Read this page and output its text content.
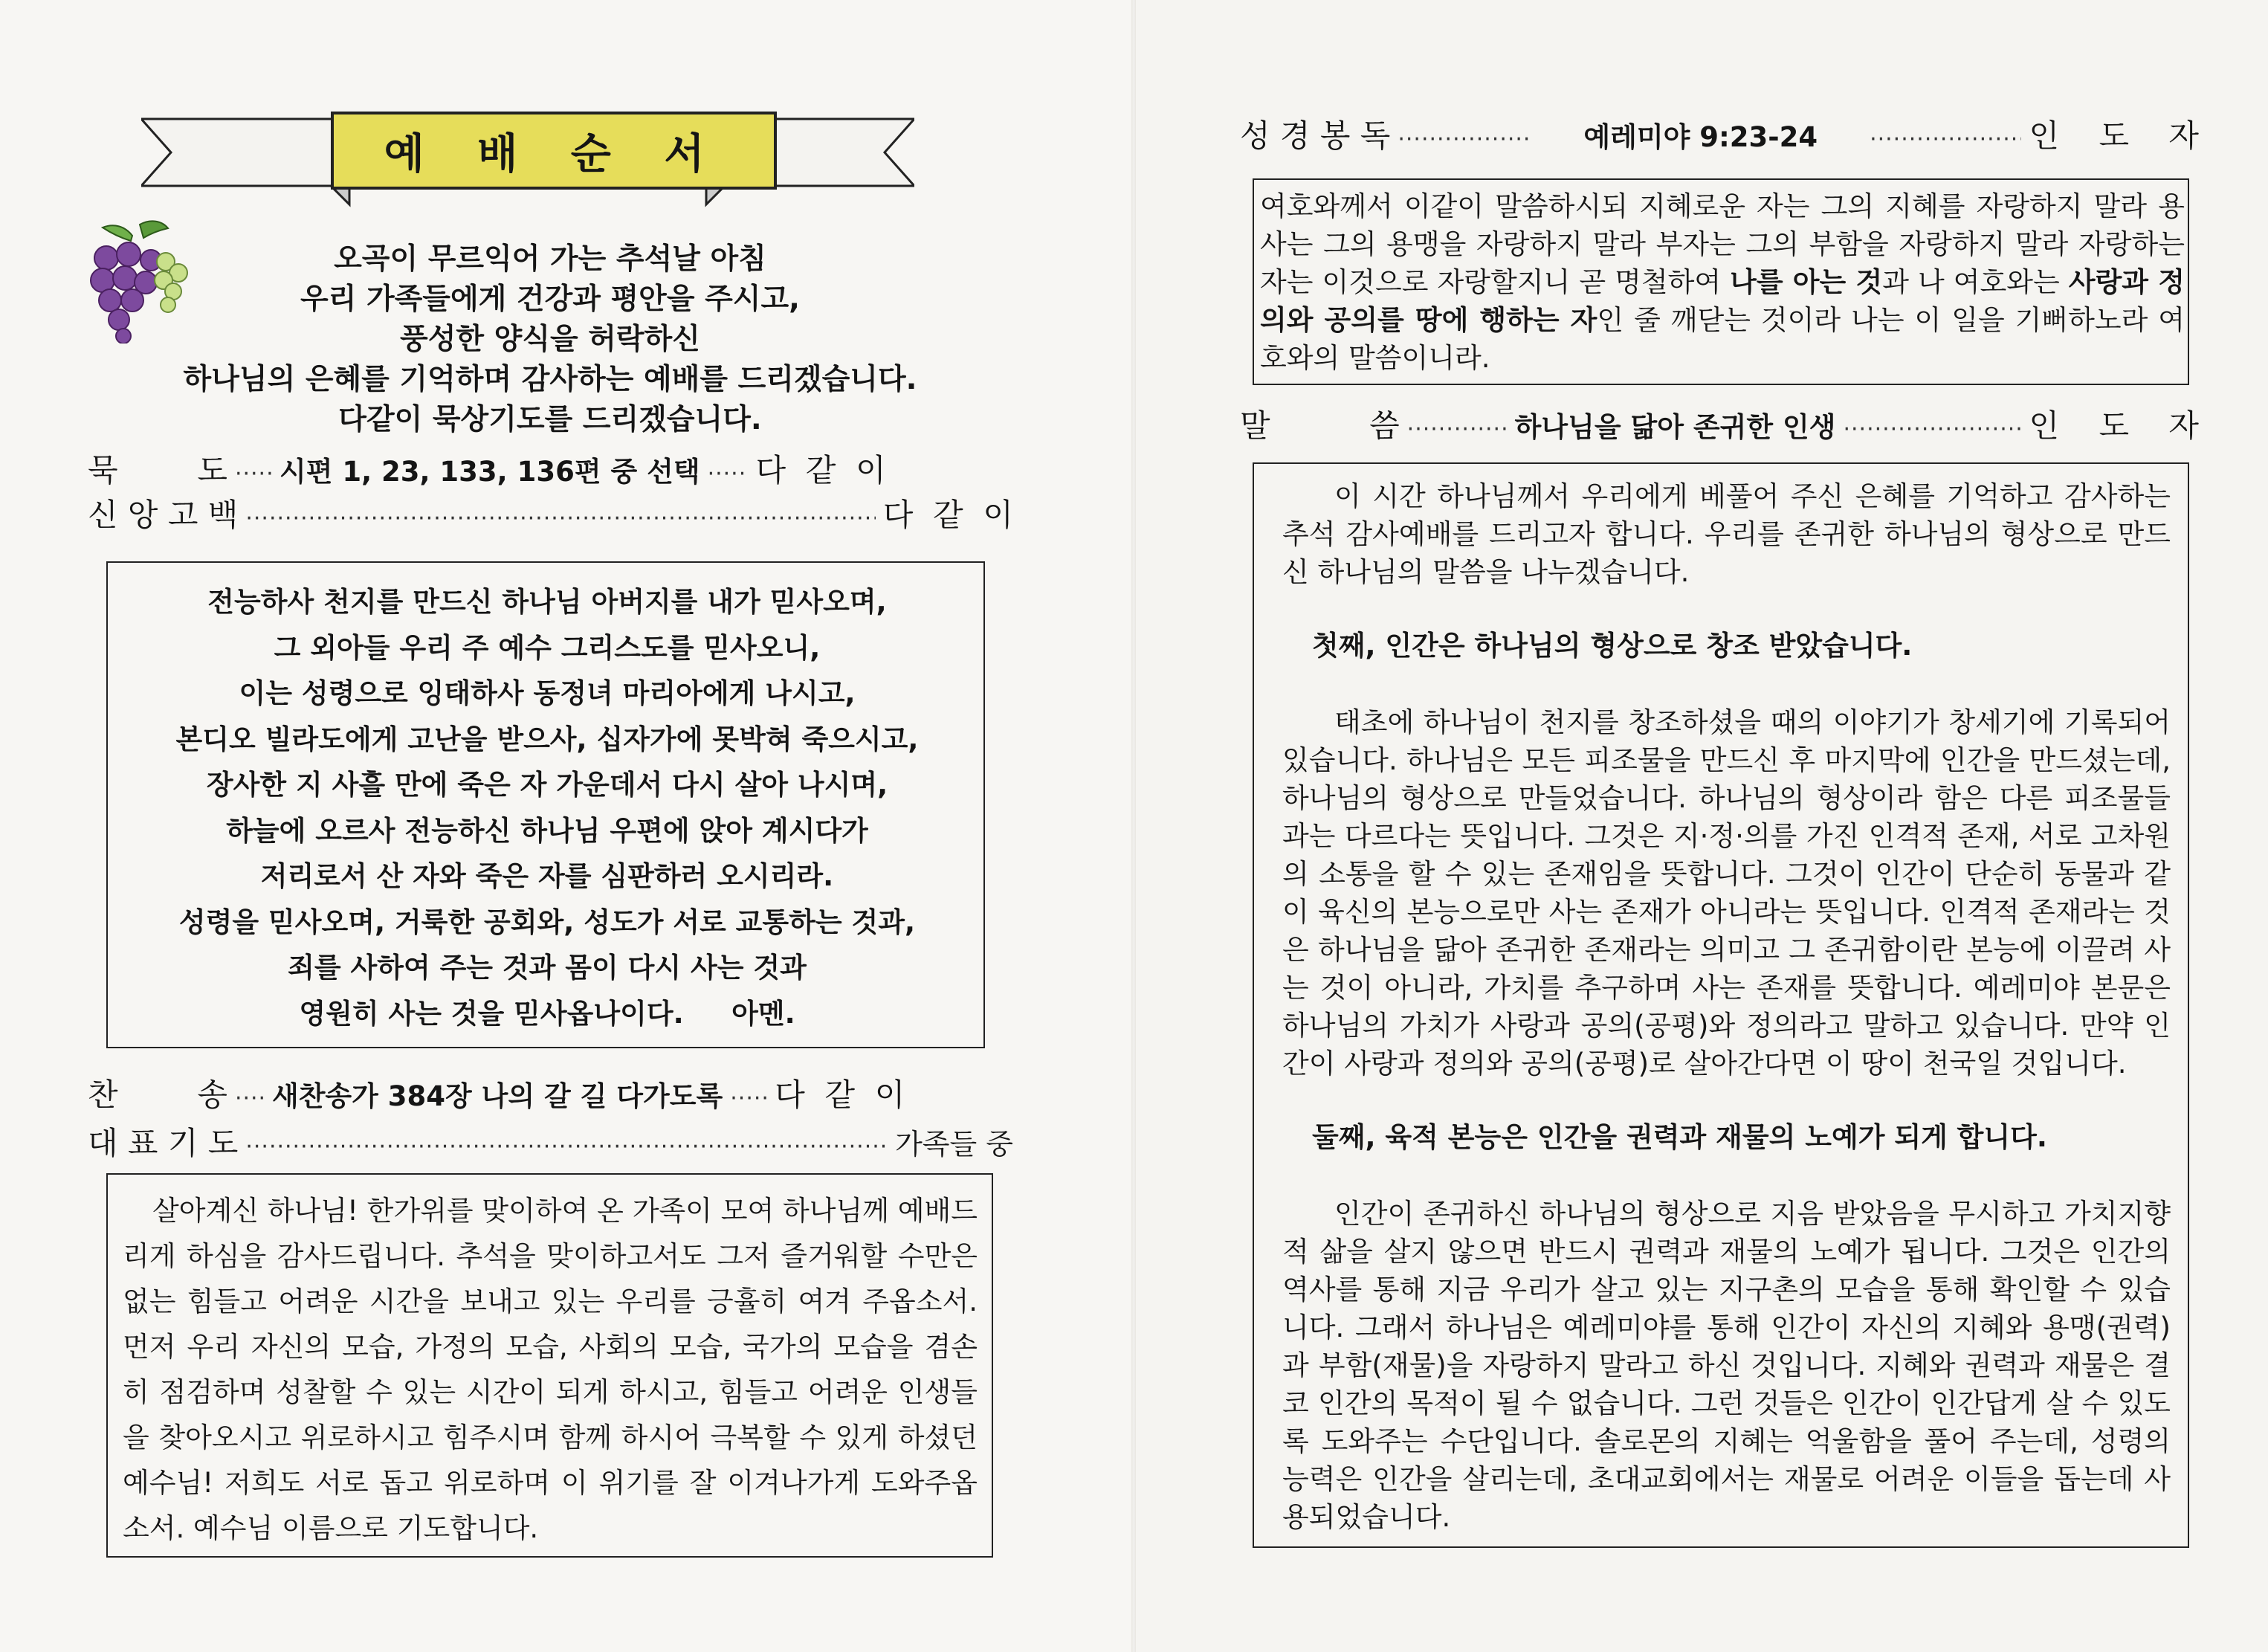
예 배 순 서
오곡이 무르익어 가는 추석날 아침
우리 가족들에게 건강과 평안을 주시고,
풍성한 양식을 허락하신
하나님의 은혜를 기억하며 감사하는 예배를 드리겠습니다.
다같이 묵상기도를 드리겠습니다.
묵        도 ····· 시편 1, 23, 133, 136편 중 선택 ····· 다  같  이
신 앙 고 백 ·····	다  같  이
전능하사 천지를 만드신 하나님 아버지를 내가 믿사오며,
그 외아들 우리 주 예수 그리스도를 믿사오니,
이는 성령으로 잉태하사 동정녀 마리아에게 나시고,
본디오 빌라도에게 고난을 받으사, 십자가에 못박혀 죽으시고,
장사한 지 사흘 만에 죽은 자 가운데서 다시 살아 나시며,
하늘에 오르사 전능하신 하나님 우편에 앉아 계시다가
저리로서 산 자와 죽은 자를 심판하러 오시리라.
성령을 믿사오며, 거룩한 공회와, 성도가 서로 교통하는 것과,
죄를 사하여 주는 것과 몸이 다시 사는 것과
영원히 사는 것을 믿사옵나이다.     아멘.
찬        송 ····· 새찬송가 384장 나의 갈 길 다가도록 ····· 다  같  이
대 표 기 도 ·····	가족들 중
살아계신 하나님! 한가위를 맞이하여 온 가족이 모여 하나님께 예배드리게 하심을 감사드립니다. 추석을 맞이하고서도 그저 즐거워할 수만은 없는 힘들고 어려운 시간을 보내고 있는 우리를 긍휼히 여겨 주옵소서. 먼저 우리 자신의 모습, 가정의 모습, 사회의 모습, 국가의 모습을 겸손히 점검하며 성찰할 수 있는 시간이 되게 하시고, 힘들고 어려운 인생들을 찾아오시고 위로하시고 힘주시며 함께 하시어 극복할 수 있게 하셨던 예수님! 저희도 서로 돕고 위로하며 이 위기를 잘 이겨나가게 도와주옵소서. 예수님 이름으로 기도합니다.
성 경 봉 독 ·····	예레미야 9:23-24 ·····	인    도    자
여호와께서 이같이 말씀하시되 지혜로운 자는 그의 지혜를 자랑하지 말라 용사는 그의 용맹을 자랑하지 말라 부자는 그의 부함을 자랑하지 말라 자랑하는 자는 이것으로 자랑할지니 곧 명철하여 나를 아는 것과 나 여호와는 사랑과 정의와 공의를 땅에 행하는 자인 줄 깨닫는 것이라 나는 이 일을 기뻐하노라 여호와의 말씀이니라.
말          씀 ·····	하나님을 닮아 존귀한 인생 ·····	인    도    자

이 시간 하나님께서 우리에게 베풀어 주신 은혜를 기억하고 감사하는 추석 감사예배를 드리고자 합니다. 우리를 존귀한 하나님의 형상으로 만드신 하나님의 말씀을 나누겠습니다.

첫째, 인간은 하나님의 형상으로 창조 받았습니다.

태초에 하나님이 천지를 창조하셨을 때의 이야기가 창세기에 기록되어 있습니다. 하나님은 모든 피조물을 만드신 후 마지막에 인간을 만드셨는데, 하나님의 형상으로 만들었습니다. 하나님의 형상이라 함은 다른 피조물들과는 다르다는 뜻입니다. 그것은 지·정·의를 가진 인격적 존재, 서로 고차원의 소통을 할 수 있는 존재임을 뜻합니다. 그것이 인간이 단순히 동물과 같이 육신의 본능으로만 사는 존재가 아니라는 뜻입니다. 인격적 존재라는 것은 하나님을 닮아 존귀한 존재라는 의미고 그 존귀함이란 본능에 이끌려 사는 것이 아니라, 가치를 추구하며 사는 존재를 뜻합니다. 예레미야 본문은 하나님의 가치가 사랑과 공의(공평)와 정의라고 말하고 있습니다. 만약 인간이 사랑과 정의와 공의(공평)로 살아간다면 이 땅이 천국일 것입니다.

둘째, 육적 본능은 인간을 권력과 재물의 노예가 되게 합니다.

인간이 존귀하신 하나님의 형상으로 지음 받았음을 무시하고 가치지향적 삶을 살지 않으면 반드시 권력과 재물의 노예가 됩니다. 그것은 인간의 역사를 통해 지금 우리가 살고 있는 지구촌의 모습을 통해 확인할 수 있습니다. 그래서 하나님은 예레미야를 통해 인간이 자신의 지혜와 용맹(권력)과 부함(재물)을 자랑하지 말라고 하신 것입니다. 지혜와 권력과 재물은 결코 인간의 목적이 될 수 없습니다. 그런 것들은 인간이 인간답게 살 수 있도록 도와주는 수단입니다. 솔로몬의 지혜는 억울함을 풀어 주는데, 성령의 능력은 인간을 살리는데, 초대교회에서는 재물로 어려운 이들을 돕는데 사용되었습니다.
